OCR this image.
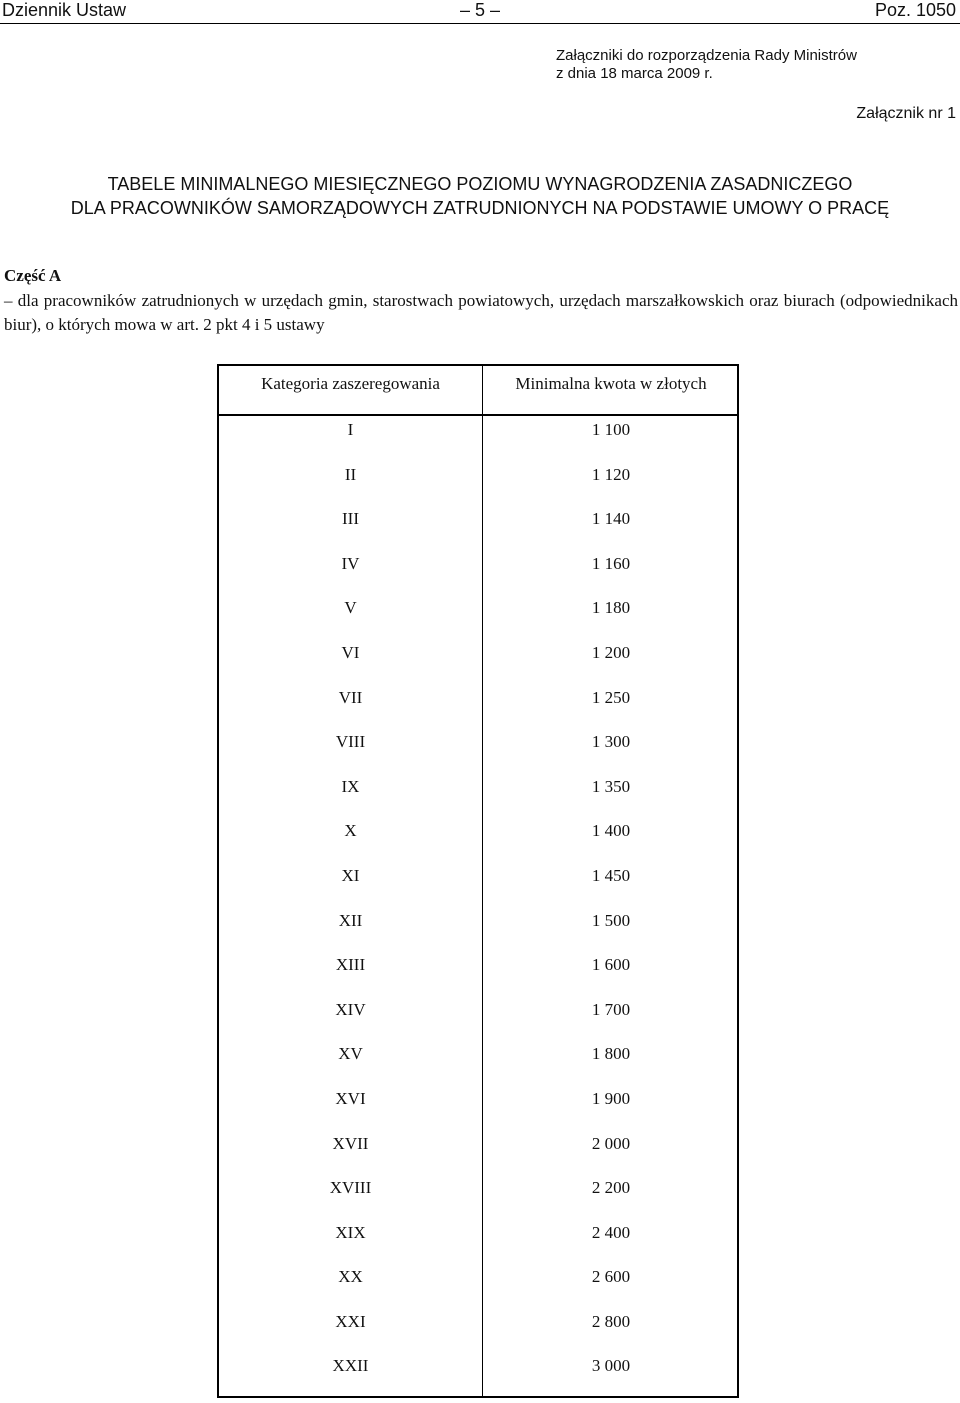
Dziennik Ustaw	– 5 –	Poz. 1050
Załączniki do rozporządzenia Rady Ministrów
z dnia 18 marca 2009 r.
Załącznik nr 1
TABELE MINIMALNEGO MIESIĘCZNEGO POZIOMU WYNAGRODZENIA ZASADNICZEGO
DLA PRACOWNIKÓW SAMORZĄDOWYCH ZATRUDNIONYCH NA PODSTAWIE UMOWY O PRACĘ
Część A
– dla pracowników zatrudnionych w urzędach gmin, starostwach powiatowych, urzędach marszałkowskich oraz biurach (odpowiednikach biur), o których mowa w art. 2 pkt 4 i 5 ustawy
Kategoria zaszeregowania	Minimalna kwota w złotych
I	1 100
II	1 120
III	1 140
IV	1 160
V	1 180
VI	1 200
VII	1 250
VIII	1 300
IX	1 350
X	1 400
XI	1 450
XII	1 500
XIII	1 600
XIV	1 700
XV	1 800
XVI	1 900
XVII	2 000
XVIII	2 200
XIX	2 400
XX	2 600
XXI	2 800
XXII	3 000
